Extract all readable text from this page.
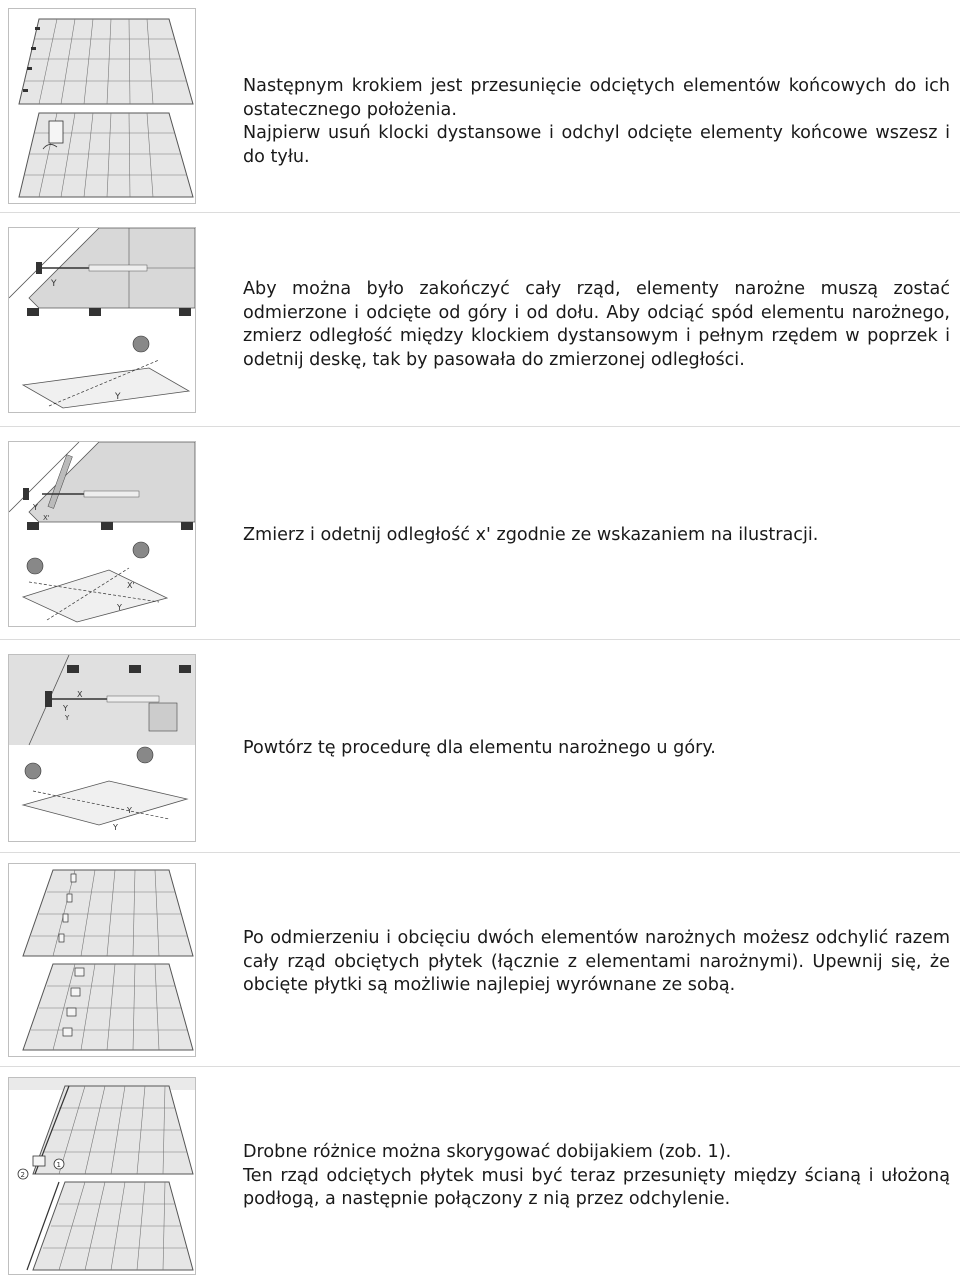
Następnym krokiem jest przesunięcie odciętych elementów końcowych do ich ostatecznego położenia.

Najpierw usuń klocki dystansowe i odchyl odcięte elementy końcowe wszesz i do tyłu.

Y
Y

Aby można było zakończyć cały rząd, elementy narożne muszą zostać odmierzone i odcięte od góry i od dołu. Aby odciąć spód elementu narożnego, zmierz odległość między klockiem dystansowym i pełnym rzędem w poprzek i odetnij deskę, tak by pasowała do zmierzonej odległości.

Y
X'
X'
Y

Zmierz i odetnij odległość x' zgodnie ze wskazaniem na ilustracji.

X
Y
Y
Y
Y

Powtórz tę procedurę dla elementu narożnego u góry.

Po odmierzeniu i obcięciu dwóch elementów narożnych możesz odchylić razem cały rząd obciętych płytek (łącznie z elementami narożnymi). Upewnij się, że obcięte płytki są możliwie najlepiej wyrównane ze sobą.

1
2

Drobne różnice można skorygować dobijakiem (zob. 1).

Ten rząd odciętych płytek musi być teraz przesunięty między ścianą i ułożoną podłogą, a następnie połączony z nią przez odchylenie.
